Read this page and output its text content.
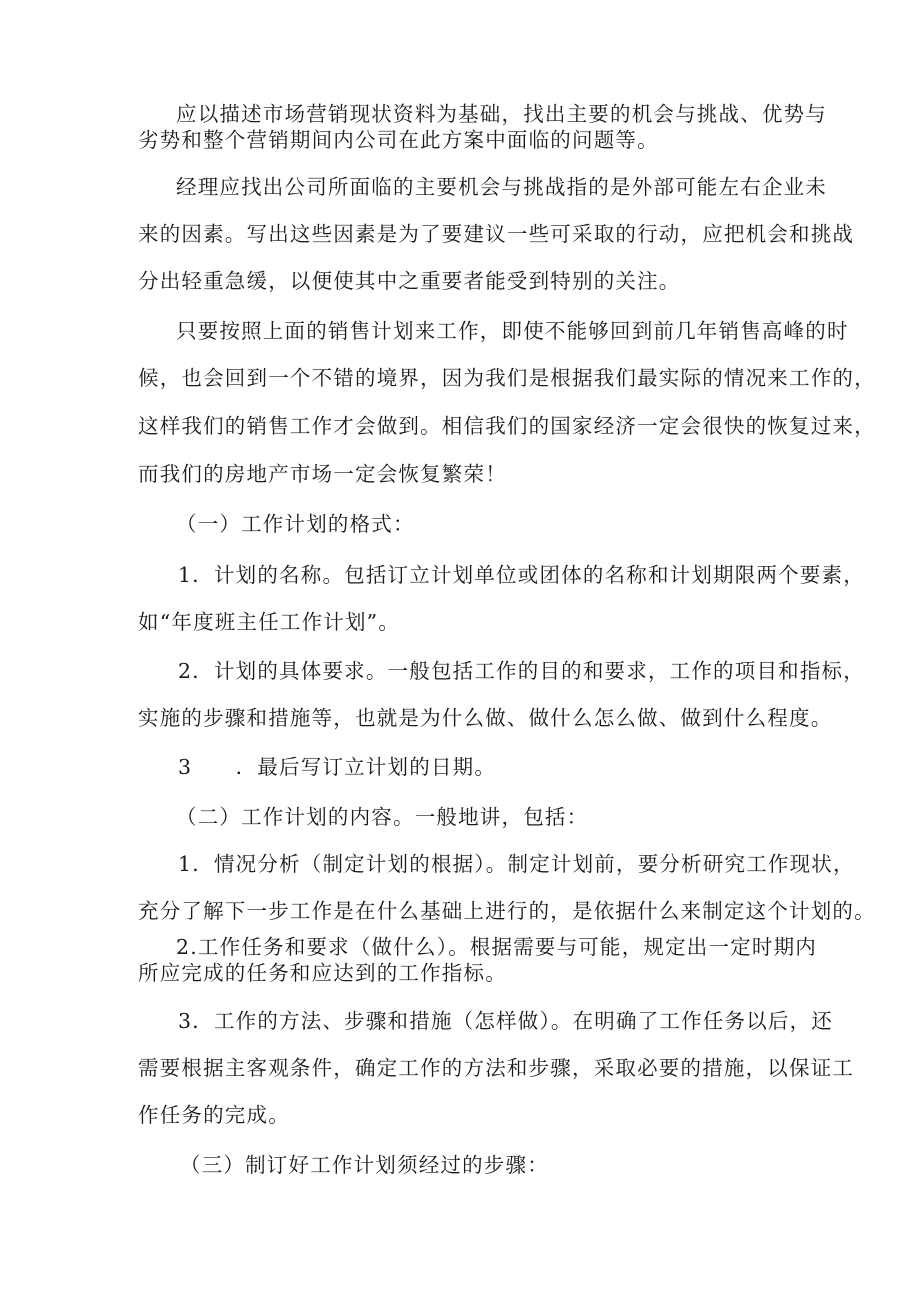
应以描述市场营销现状资料为基础，找出主要的机会与挑战、优势与
劣势和整个营销期间内公司在此方案中面临的问题等。
经理应找出公司所面临的主要机会与挑战指的是外部可能左右企业未
来的因素。写出这些因素是为了要建议一些可采取的行动，应把机会和挑战
分出轻重急缓，以便使其中之重要者能受到特别的关注。
只要按照上面的销售计划来工作，即使不能够回到前几年销售高峰的时
候，也会回到一个不错的境界，因为我们是根据我们最实际的情况来工作的，
这样我们的销售工作才会做到。相信我们的国家经济一定会很快的恢复过来，
而我们的房地产市场一定会恢复繁荣！
（一）工作计划的格式：
1．计划的名称。包括订立计划单位或团体的名称和计划期限两个要素，
如“年度班主任工作计划”。
2．计划的具体要求。一般包括工作的目的和要求，工作的项目和指标，
实施的步骤和措施等，也就是为什么做、做什么怎么做、做到什么程度。
3　　．最后写订立计划的日期。
（二）工作计划的内容。一般地讲，包括：
1．情况分析（制定计划的根据）。制定计划前，要分析研究工作现状，
充分了解下一步工作是在什么基础上进行的，是依据什么来制定这个计划的。
2.工作任务和要求（做什么）。根据需要与可能，规定出一定时期内
所应完成的任务和应达到的工作指标。
3．工作的方法、步骤和措施（怎样做）。在明确了工作任务以后，还
需要根据主客观条件，确定工作的方法和步骤，采取必要的措施，以保证工
作任务的完成。
（三）制订好工作计划须经过的步骤：
